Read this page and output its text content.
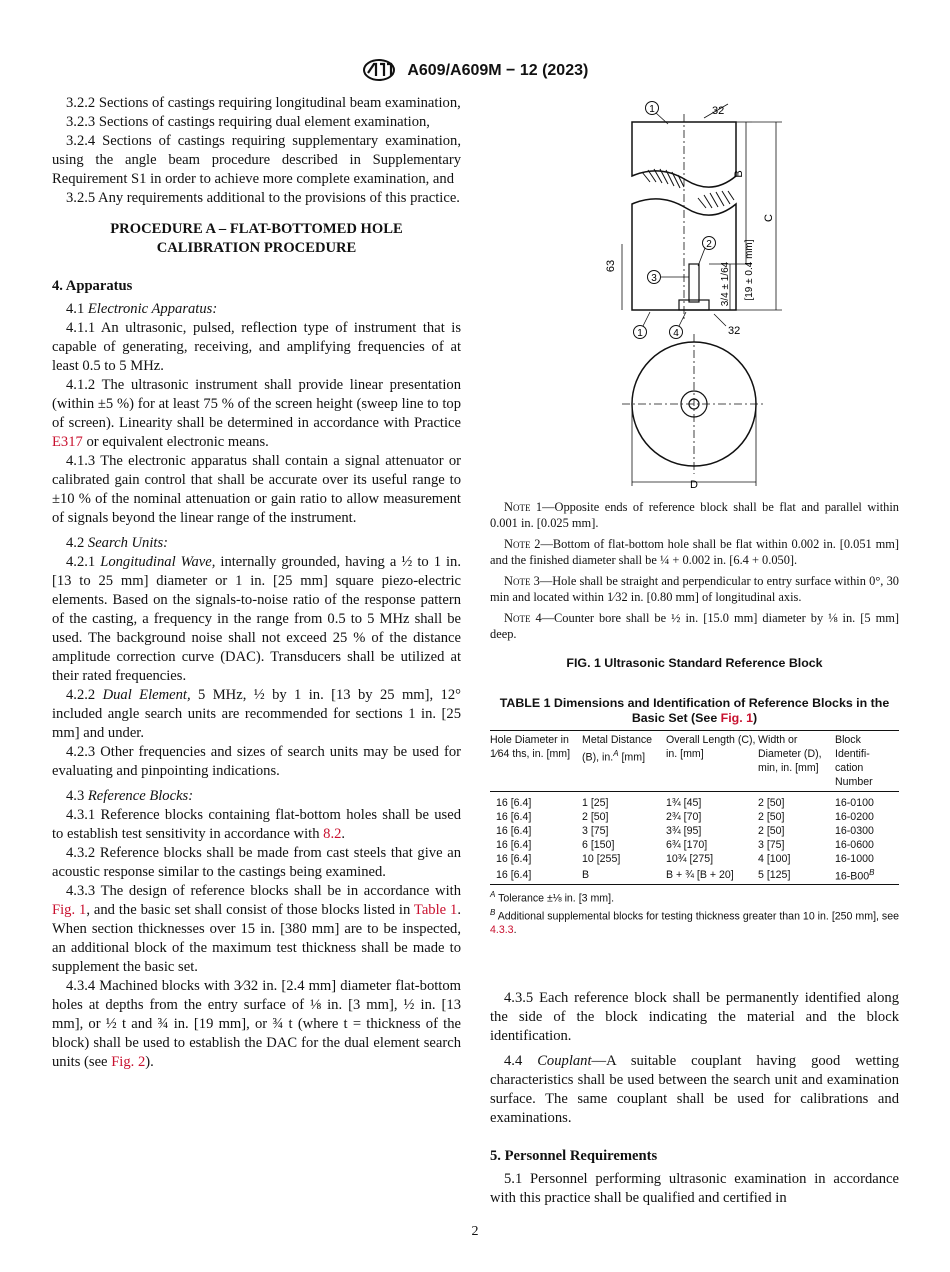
A609/A609M − 12 (2023)

3.2.2 Sections of castings requiring longitudinal beam examination,

3.2.3 Sections of castings requiring dual element examination,

3.2.4 Sections of castings requiring supplementary examination, using the angle beam procedure described in Supplementary Requirement S1 in order to achieve more complete examination, and

3.2.5 Any requirements additional to the provisions of this practice.

PROCEDURE A – FLAT-BOTTOMED HOLE
CALIBRATION PROCEDURE
4. Apparatus

4.1 Electronic Apparatus:

4.1.1 An ultrasonic, pulsed, reflection type of instrument that is capable of generating, receiving, and amplifying frequencies of at least 0.5 to 5 MHz.

4.1.2 The ultrasonic instrument shall provide linear presentation (within ±5 %) for at least 75 % of the screen height (sweep line to top of screen). Linearity shall be determined in accordance with Practice E317 or equivalent electronic means.

4.1.3 The electronic apparatus shall contain a signal attenuator or calibrated gain control that shall be accurate over its useful range to ±10 % of the nominal attenuation or gain ratio to allow measurement of signals beyond the linear range of the instrument.

4.2 Search Units:

4.2.1 Longitudinal Wave, internally grounded, having a ½ to 1 in. [13 to 25 mm] diameter or 1 in. [25 mm] square piezo-electric elements. Based on the signals-to-noise ratio of the response pattern of the casting, a frequency in the range from 0.5 to 5 MHz shall be used. The background noise shall not exceed 25 % of the distance amplitude correction curve (DAC). Transducers shall be utilized at their rated frequencies.

4.2.2 Dual Element, 5 MHz, ½ by 1 in. [13 by 25 mm], 12° included angle search units are recommended for sections 1 in. [25 mm] and under.

4.2.3 Other frequencies and sizes of search units may be used for evaluating and pinpointing indications.

4.3 Reference Blocks:

4.3.1 Reference blocks containing flat-bottom holes shall be used to establish test sensitivity in accordance with 8.2.

4.3.2 Reference blocks shall be made from cast steels that give an acoustic response similar to the castings being examined.

4.3.3 The design of reference blocks shall be in accordance with Fig. 1, and the basic set shall consist of those blocks listed in Table 1. When section thicknesses over 15 in. [380 mm] are to be inspected, an additional block of the maximum test thickness shall be made to supplement the basic set.

4.3.4 Machined blocks with 3⁄32 in. [2.4 mm] diameter flat-bottom holes at depths from the entry surface of ⅛ in. [3 mm], ½ in. [13 mm], or ½ t and ¾ in. [19 mm], or ¾ t (where t = thickness of the block) shall be used to establish the DAC for the dual element search units (see Fig. 2).

B
C
3/4 ± 1/64 [19 ± 0.4 mm]
63
32
32
1
2
3
1	4
D
Note 1—Opposite ends of reference block shall be flat and parallel within 0.001 in. [0.025 mm].
Note 2—Bottom of flat-bottom hole shall be flat within 0.002 in. [0.051 mm] and the finished diameter shall be ¼ + 0.002 in. [6.4 + 0.050].
Note 3—Hole shall be straight and perpendicular to entry surface within 0°, 30 min and located within 1⁄32 in. [0.80 mm] of longitudinal axis.
Note 4—Counter bore shall be ½ in. [15.0 mm] diameter by ⅛ in. [5 mm] deep.
FIG. 1 Ultrasonic Standard Reference Block
TABLE 1 Dimensions and Identification of Reference Blocks in the Basic Set (See Fig. 1)
Hole Diameter in 1⁄64 ths, in. [mm]	Metal Distance (B), in.$^A$ [mm]	Overall Length (C), in. [mm]	Width or Diameter (D), min, in. [mm]	Block Identifi- cation Number
16 [6.4]	1 [25]	1¾ [45]	2 [50]	16-0100
16 [6.4]	2 [50]	2¾ [70]	2 [50]	16-0200
16 [6.4]	3 [75]	3¾ [95]	2 [50]	16-0300
16 [6.4]	6 [150]	6¾ [170]	3 [75]	16-0600
16 [6.4]	10 [255]	10¾ [275]	4 [100]	16-1000
16 [6.4]	B	B + ¾ [B + 20]	5 [125]	$16-B00^B$
$^A$ Tolerance ±⅛ in. [3 mm].
$^B$ Additional supplemental blocks for testing thickness greater than 10 in. [250 mm], see 4.3.3.

4.3.5 Each reference block shall be permanently identified along the side of the block indicating the material and the block identification.

4.4 Couplant—A suitable couplant having good wetting characteristics shall be used between the search unit and examination surface. The same couplant shall be used for calibrations and examinations.

5. Personnel Requirements

5.1 Personnel performing ultrasonic examination in accordance with this practice shall be qualified and certified in

2
